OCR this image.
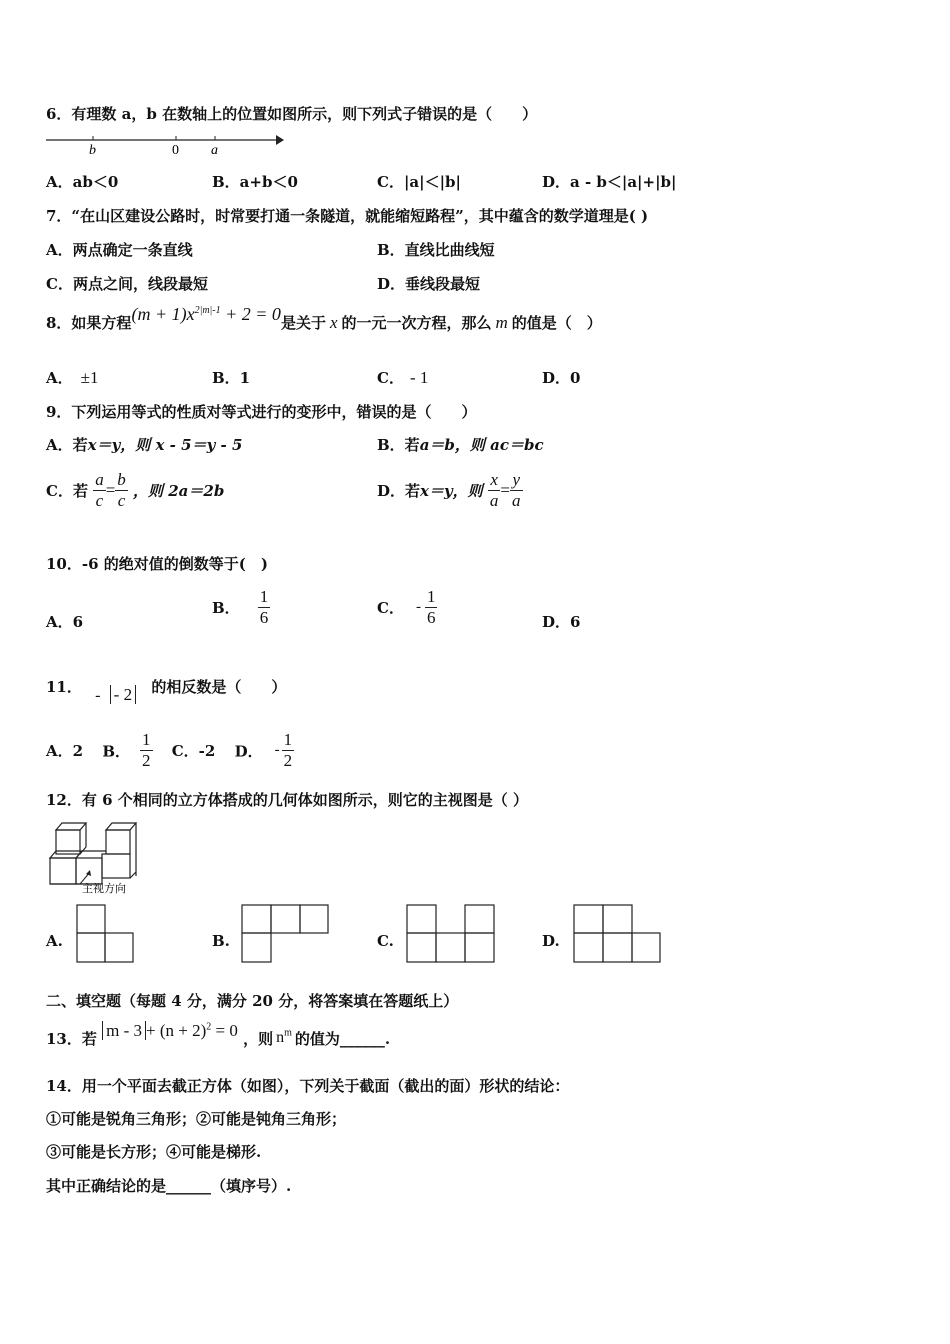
6．有理数 a，b 在数轴上的位置如图所示，则下列式子错误的是（　　）
b	0 a
A．ab＜0	B．a+b＜0	C．|a|＜|b|	D．a - b＜|a|+|b|
7．“在山区建设公路时，时常要打通一条隧道，就能缩短路程”，其中蕴含的数学道理是( )
A．两点确定一条直线	B．直线比曲线短
C．两点之间，线段最短	D．垂线段最短
8．如果方程$(m + 1)x^{2|m|-1} + 2 = 0$是关于 x 的一元一次方程，那么 m 的值是（　）
A． ±1	B．1	C． - 1	D．0
9．下列运用等式的性质对等式进行的变形中，错误的是（　　）
A．若x＝y，则 x - 5＝y - 5	B．若a＝b，则 ac＝bc
C．若 $\frac{a}{c} = \frac{b}{c}$ ，则 2a＝2b	D．若x＝y，则 $\frac{x}{a} = \frac{y}{a}$
10．-6 的绝对值的倒数等于(　)
A．6
B． $\frac{1}{6}$	C． - $\frac{1}{6}$	D．6
11． - - 2 的相反数是（　　）
A．2 B． $\frac{1}{2}$ C．-2 D． - $\frac{1}{2}$
12．有 6 个相同的立方体搭成的几何体如图所示，则它的主视图是（ ）
主视方向
A.	B.	C.	D.
二、填空题（每题 4 分，满分 20 分，将答案填在答题纸上）
13．若 $m - 3 + (n + 2)^2 = 0$ ，则 $n^m$ 的值为______.
14．用一个平面去截正方体（如图），下列关于截面（截出的面）形状的结论：
①可能是锐角三角形；②可能是钝角三角形；
③可能是长方形；④可能是梯形.
其中正确结论的是______（填序号）.
